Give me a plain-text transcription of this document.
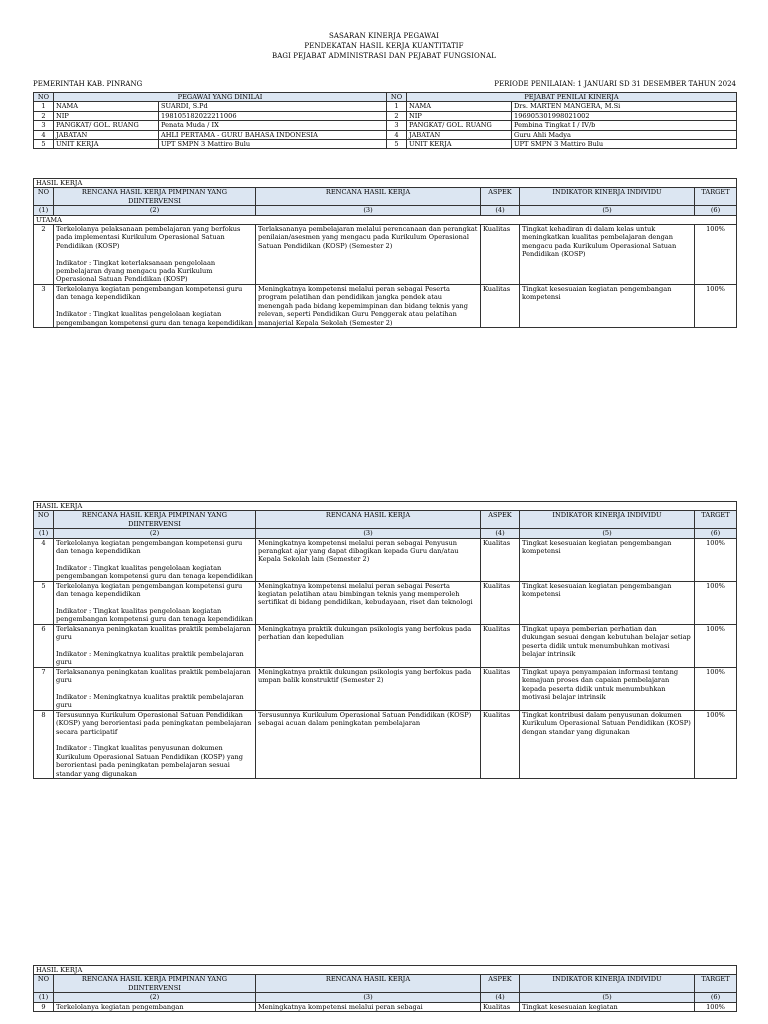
SASARAN KINERJA PEGAWAI
PENDEKATAN HASIL KERJA KUANTITATIF
BAGI PEJABAT ADMINISTRASI DAN PEJABAT FUNGSIONAL
PEMERINTAH KAB. PINRANG	PERIODE PENILAIAN: 1 JANUARI SD 31 DESEMBER TAHUN 2024
NO	PEGAWAI YANG DINILAI		NO	PEJABAT PENILAI KINERJA	
1	NAMA	SUARDI, S.Pd	1	NAMA	Drs. MARTEN MANGERA, M.Si
2	NIP	198105182022211006	2	NIP	196905301998021002
3	PANGKAT/ GOL. RUANG	Penata Muda / IX	3	PANGKAT/ GOL. RUANG	Pembina Tingkat I / IV/b
4	JABATAN	AHLI PERTAMA - GURU BAHASA INDONESIA	4	JABATAN	Guru Ahli Madya
5	UNIT KERJA	UPT SMPN 3 Mattiro Bulu	5	UNIT KERJA	UPT SMPN 3 Mattiro Bulu
HASIL KERJA					
NO	RENCANA HASIL KERJA PIMPINAN YANG DIINTERVENSI	RENCANA HASIL KERJA	ASPEK	INDIKATOR KINERJA INDIVIDU	TARGET
(1)	(2)	(3)	(4)	(5)	(6)
UTAMA					
2	Terkelolanya pelaksanaan pembelajaran yang berfokus pada implementasi Kurikulum Operasional Satuan Pendidikan (KOSP)

Indikator : Tingkat keterlaksanaan pengelolaan pembelajaran dyang mengacu pada Kurikulum Operasional Satuan Pendidikan (KOSP)	Terlaksananya pembelajaran melalui perencanaan dan perangkat penilaian/asesmen yang mengacu pada Kurikulum Operasional Satuan Pendidikan (KOSP) (Semester 2)	Kualitas	Tingkat kehadiran di dalam kelas untuk meningkatkan kualitas pembelajaran dengan mengacu pada Kurikulum Operasional Satuan Pendidikan (KOSP)	100%
3	Terkelolanya kegiatan pengembangan kompetensi guru dan tenaga kependidikan

Indikator : Tingkat kualitas pengelolaan kegiatan pengembangan kompetensi guru dan tenaga kependidikan	Meningkatnya kompetensi melalui peran sebagai Peserta program pelatihan dan pendidikan jangka pendek atau menengah pada bidang kepemimpinan dan bidang teknis yang relevan, seperti Pendidikan Guru Penggerak atau pelatihan manajerial Kepala Sekolah (Semester 2)	Kualitas	Tingkat kesesuaian kegiatan pengembangan kompetensi	100%
HASIL KERJA					
NO	RENCANA HASIL KERJA PIMPINAN YANG DIINTERVENSI	RENCANA HASIL KERJA	ASPEK	INDIKATOR KINERJA INDIVIDU	TARGET
(1)	(2)	(3)	(4)	(5)	(6)
4	Terkelolanya kegiatan pengembangan kompetensi guru dan tenaga kependidikan

Indikator : Tingkat kualitas pengelolaan kegiatan pengembangan kompetensi guru dan tenaga kependidikan	Meningkatnya kompetensi melalui peran sebagai Penyusun perangkat ajar yang dapat dibagikan kepada Guru dan/atau Kepala Sekolah lain (Semester 2)	Kualitas	Tingkat kesesuaian kegiatan pengembangan kompetensi	100%
5	Terkelolanya kegiatan pengembangan kompetensi guru dan tenaga kependidikan

Indikator : Tingkat kualitas pengelolaan kegiatan pengembangan kompetensi guru dan tenaga kependidikan	Meningkatnya kompetensi melalui peran sebagai Peserta kegiatan pelatihan atau bimbingan teknis yang memperoleh sertifikat di bidang pendidikan, kebudayaan, riset dan teknologi	Kualitas	Tingkat kesesuaian kegiatan pengembangan kompetensi	100%
6	Terlaksananya peningkatan kualitas praktik pembelajaran guru

Indikator : Meningkatnya kualitas praktik pembelajaran guru	Meningkatnya praktik dukungan psikologis yang berfokus pada perhatian dan kepedulian	Kualitas	Tingkat upaya pemberian perhatian dan dukungan sesuai dengan kebutuhan belajar setiap peserta didik untuk menumbuhkan motivasi belajar intrinsik	100%
7	Terlaksananya peningkatan kualitas praktik pembelajaran guru

Indikator : Meningkatnya kualitas praktik pembelajaran guru	Meningkatnya praktik dukungan psikologis yang berfokus pada umpan balik konstruktif (Semester 2)	Kualitas	Tingkat upaya penyampaian informasi tentang kemajuan proses dan capaian pembelajaran kepada peserta didik untuk menumbuhkan motivasi belajar intrinsik	100%
8	Tersusunnya Kurikulum Operasional Satuan Pendidikan (KOSP) yang berorientasi pada peningkatan pembelajaran secara participatif

Indikator : Tingkat kualitas penyusunan dokumen Kurikulum Operasional Satuan Pendidikan (KOSP) yang berorientasi pada peningkatan pembelajaran sesuai standar yang digunakan	Tersusunnya Kurikulum Operasional Satuan Pendidikan (KOSP) sebagai acuan dalam peningkatan pembelajaran	Kualitas	Tingkat kontribusi dalam penyusunan dokumen Kurikulum Operasional Satuan Pendidikan (KOSP) dengan standar yang digunakan	100%
HASIL KERJA					
NO	RENCANA HASIL KERJA PIMPINAN YANG DIINTERVENSI	RENCANA HASIL KERJA	ASPEK	INDIKATOR KINERJA INDIVIDU	TARGET
(1)	(2)	(3)	(4)	(5)	(6)
9	Terkelolanya kegiatan pengembangan	Meningkatnya kompetensi melalui peran sebagai	Kualitas	Tingkat kesesuaian kegiatan	100%
